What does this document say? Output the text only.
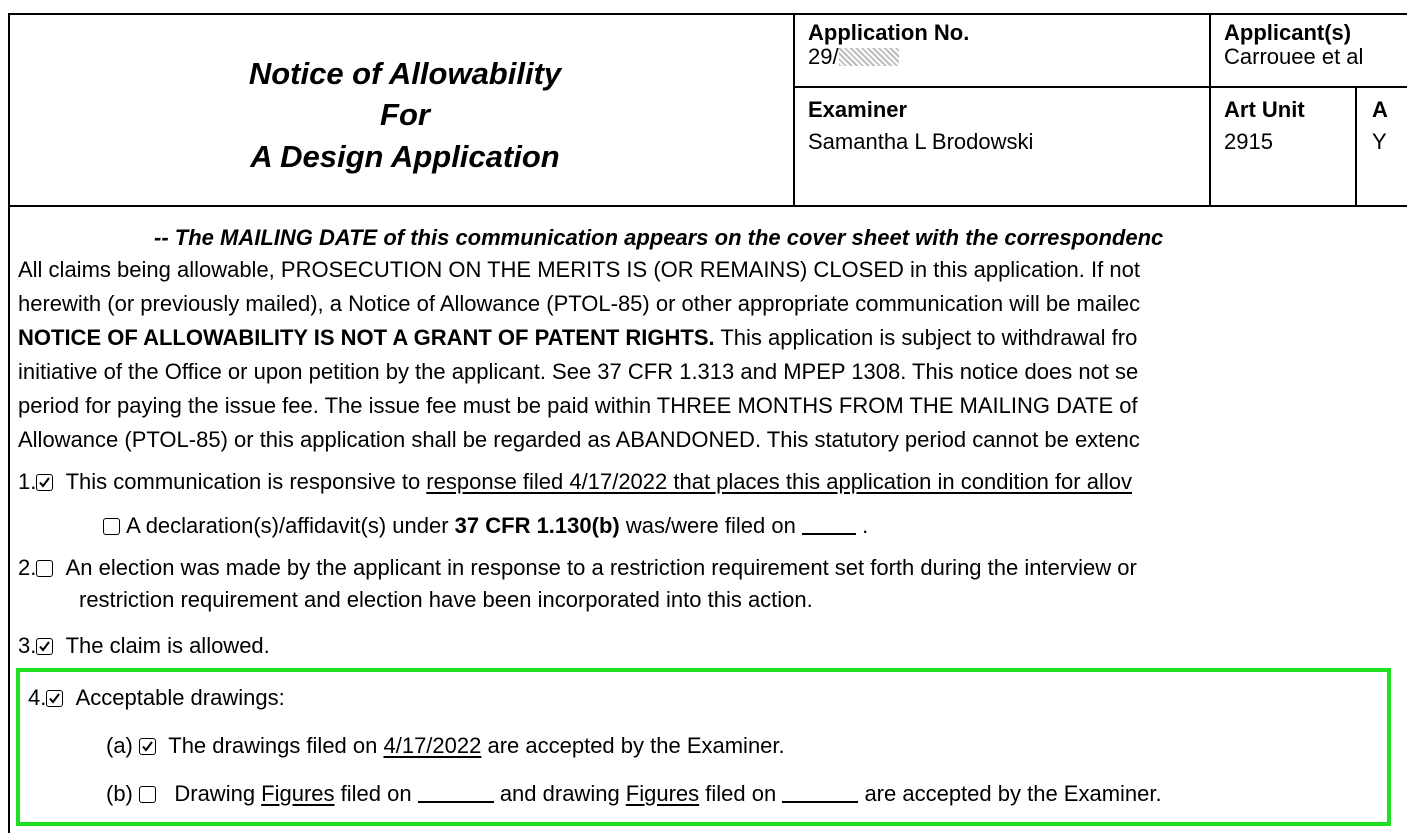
Notice of Allowability
For
A Design Application
Application No.
29/
Applicant(s)
Carrouee et al
Examiner
Samantha L Brodowski
Art Unit
2915
A
Y
-- The MAILING DATE of this communication appears on the cover sheet with the correspondenc
All claims being allowable, PROSECUTION ON THE MERITS IS (OR REMAINS) CLOSED in this application. If not
herewith (or previously mailed), a Notice of Allowance (PTOL-85) or other appropriate communication will be mailec
NOTICE OF ALLOWABILITY IS NOT A GRANT OF PATENT RIGHTS. This application is subject to withdrawal fro
initiative of the Office or upon petition by the applicant. See 37 CFR 1.313 and MPEP 1308. This notice does not se
period for paying the issue fee. The issue fee must be paid within THREE MONTHS FROM THE MAILING DATE of
Allowance (PTOL-85) or this application shall be regarded as ABANDONED. This statutory period cannot be extenc
1. This communication is responsive to response filed 4/17/2022 that places this application in condition for allov
A declaration(s)/affidavit(s) under 37 CFR 1.130(b) was/were filed on	.
2. An election was made by the applicant in response to a restriction requirement set forth during the interview or
restriction requirement and election have been incorporated into this action.
3. The claim is allowed.
4. Acceptable drawings:
(a) The drawings filed on 4/17/2022 are accepted by the Examiner.
(b) Drawing Figures filed on	and drawing Figures filed on	are accepted by the Examiner.
